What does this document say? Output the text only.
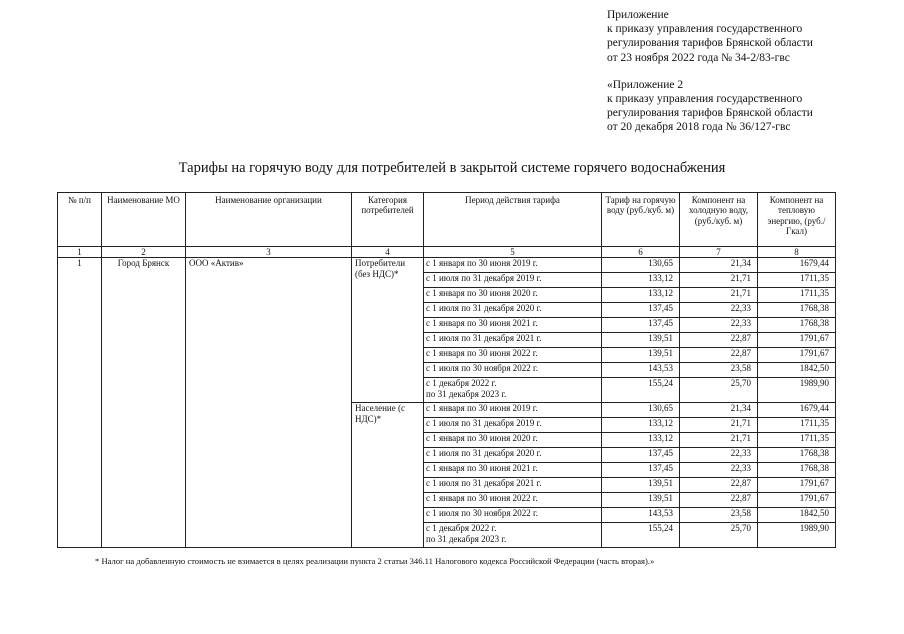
Приложение
к приказу управления государственного
регулирования тарифов Брянской области
от 23 ноября 2022 года № 34-2/83-гвс
«Приложение 2
к приказу управления государственного
регулирования тарифов Брянской области
от 20 декабря 2018 года № 36/127-гвс
Тарифы на горячую воду для потребителей в закрытой системе горячего водоснабжения
№ п/п	Наименование МО	Наименование организации	Категория потребителей	Период действия тарифа	Тариф на горячую воду (руб./куб. м)	Компонент на холодную воду, (руб./куб. м)	Компонент на тепловую энергию, (руб./Гкал)
1	2	3	4	5	6	7	8
1	Город Брянск	ООО «Актив»	Потребители (без НДС)*	с 1 января по 30 июня 2019 г.	130,65	21,34	1679,44

				с 1 июля по 31 декабря 2019 г.	133,12	21,71	1711,35

				с 1 января по 30 июня 2020 г.	133,12	21,71	1711,35

				с 1 июля по 31 декабря 2020 г.	137,45	22,33	1768,38

				с 1 января по 30 июня 2021 г.	137,45	22,33	1768,38

				с 1 июля по 31 декабря 2021 г.	139,51	22,87	1791,67

				с 1 января по 30 июня 2022 г.	139,51	22,87	1791,67

				с 1 июля по 30 ноября 2022 г.	143,53	23,58	1842,50

				с 1 декабря 2022 г.
по 31 декабря 2023 г.	155,24	25,70	1989,90
			Население (с НДС)*	с 1 января по 30 июня 2019 г.	130,65	21,34	1679,44

				с 1 июля по 31 декабря 2019 г.	133,12	21,71	1711,35

				с 1 января по 30 июня 2020 г.	133,12	21,71	1711,35

				с 1 июля по 31 декабря 2020 г.	137,45	22,33	1768,38

				с 1 января по 30 июня 2021 г.	137,45	22,33	1768,38

				с 1 июля по 31 декабря 2021 г.	139,51	22,87	1791,67

				с 1 января по 30 июня 2022 г.	139,51	22,87	1791,67

				с 1 июля по 30 ноября 2022 г.	143,53	23,58	1842,50

				с 1 декабря 2022 г.
по 31 декабря 2023 г.	155,24	25,70	1989,90
* Налог на добавленную стоимость не взимается в целях реализации пункта 2 статьи 346.11 Налогового кодекса Российской Федерации (часть вторая).»
